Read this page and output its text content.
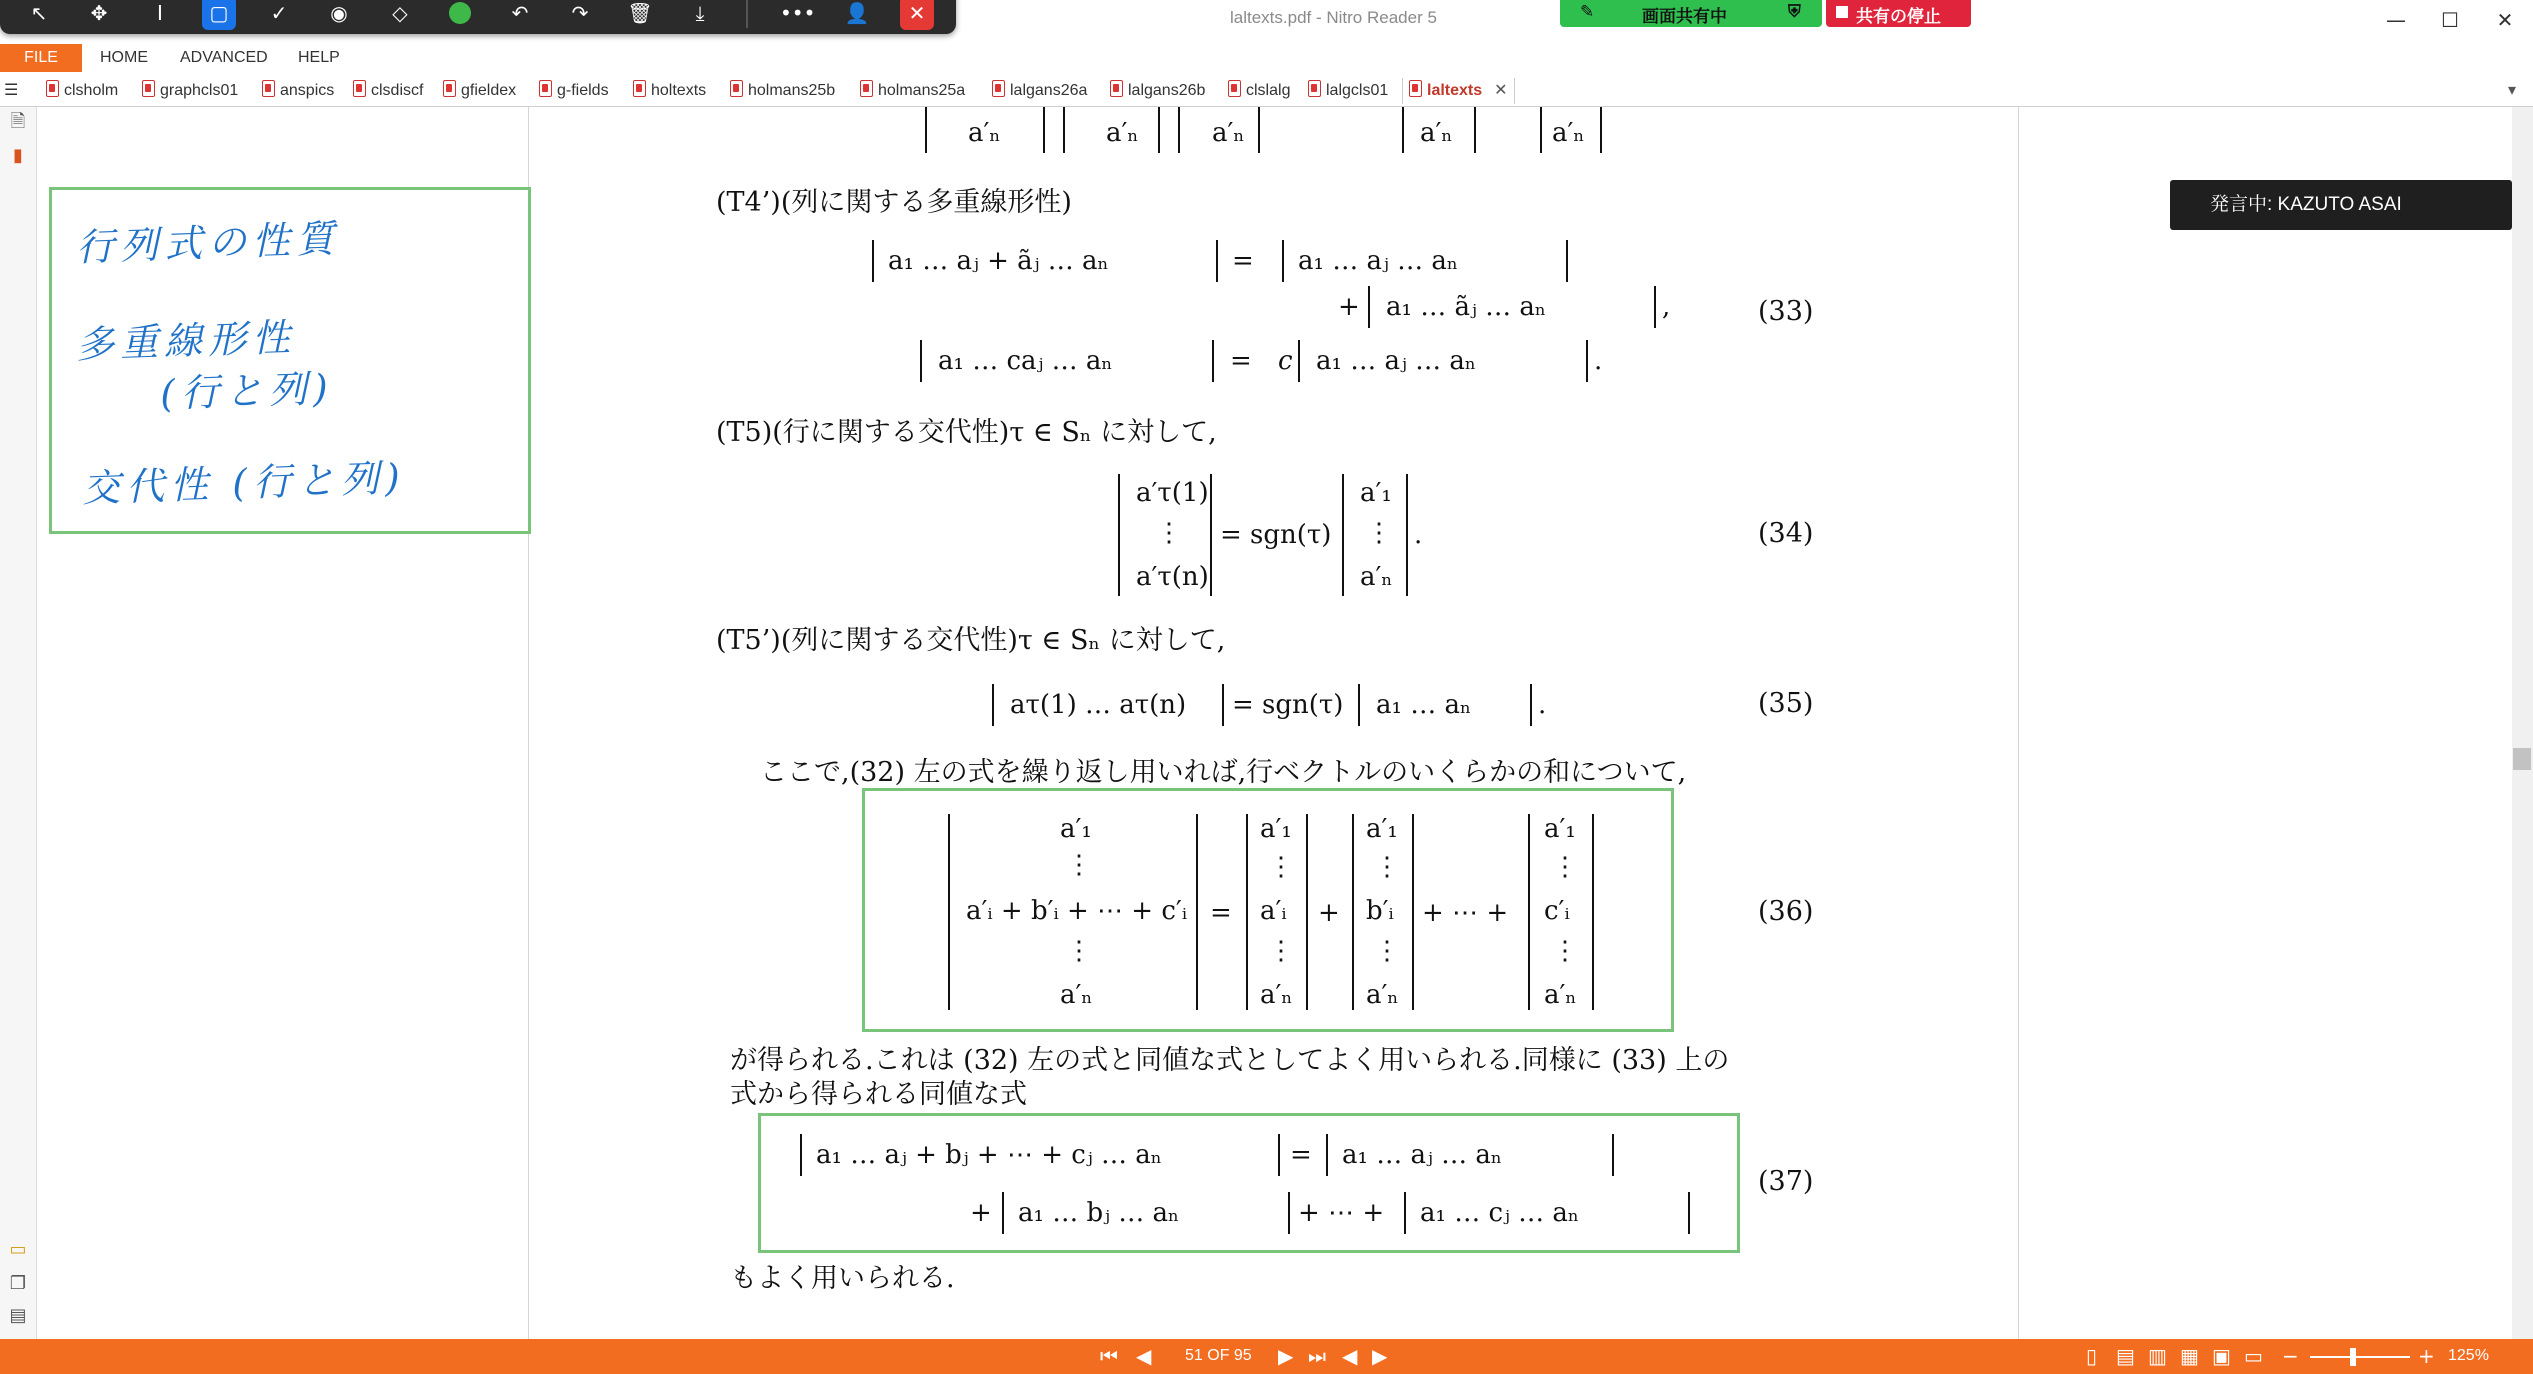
laltexts.pdf - Nitro Reader 5	—	☐	✕
↖	✥	I	▢	✓	◉	◇	↶	↷	🗑	⤓	••• 👤	✕	✎	画面共有中	⛨	共有の停止
FILE	HOME ADVANCED HELP
☰	clsholm	graphcls01	anspics	clsdiscf	gfieldex	g-fields	holtexts	holmans25b	holmans25a	lalgans26a	lalgans26b	clslalg	lalgcls01	laltexts ✕	▾
🗎
▮
▭
❐
▤
行列式の性質
多重線形性
(行と列)
交代性 (行と列)
発言中: KAZUTO ASAI
a′ₙ	a′ₙ	a′ₙ	a′ₙ	a′ₙ
(T4’)(列に関する多重線形性)
a₁ … aⱼ + ãⱼ … aₙ	= a₁ … aⱼ … aₙ
+ a₁ … ãⱼ … aₙ	,	(33)
a₁ … caⱼ … aₙ	= c a₁ … aⱼ … aₙ	.
(T5)(行に関する交代性)τ ∈ Sₙ に対して,
a′τ(1)
⋮
a′τ(n)
= sgn(τ)
a′₁
⋮
a′ₙ
.	(34)
(T5’)(列に関する交代性)τ ∈ Sₙ に対して,
aτ(1) … aτ(n) = sgn(τ) a₁ … aₙ	.	(35)
ここで,(32) 左の式を繰り返し用いれば,行ベクトルのいくらかの和について,
a′₁
⋮
a′ᵢ + b′ᵢ + ⋯ + c′ᵢ
⋮
a′ₙ
=
a′₁
⋮
a′ᵢ
⋮
a′ₙ
+
a′₁
⋮
b′ᵢ
⋮
a′ₙ
+ ⋯ +
a′₁
⋮
c′ᵢ
⋮
a′ₙ
(36)
が得られる.これは (32) 左の式と同値な式としてよく用いられる.同様に (33) 上の
式から得られる同値な式
a₁ … aⱼ + bⱼ + ⋯ + cⱼ … aₙ	= a₁ … aⱼ … aₙ
+ a₁ … bⱼ … aₙ	+ ⋯ + a₁ … cⱼ … aₙ
(37)
もよく用いられる.
⏮ ◀ 51 OF 95 ▶ ⏭ ◀ ▶	▯ ▤ ▥ ▦ ▣ ▭ −	+ 125%
